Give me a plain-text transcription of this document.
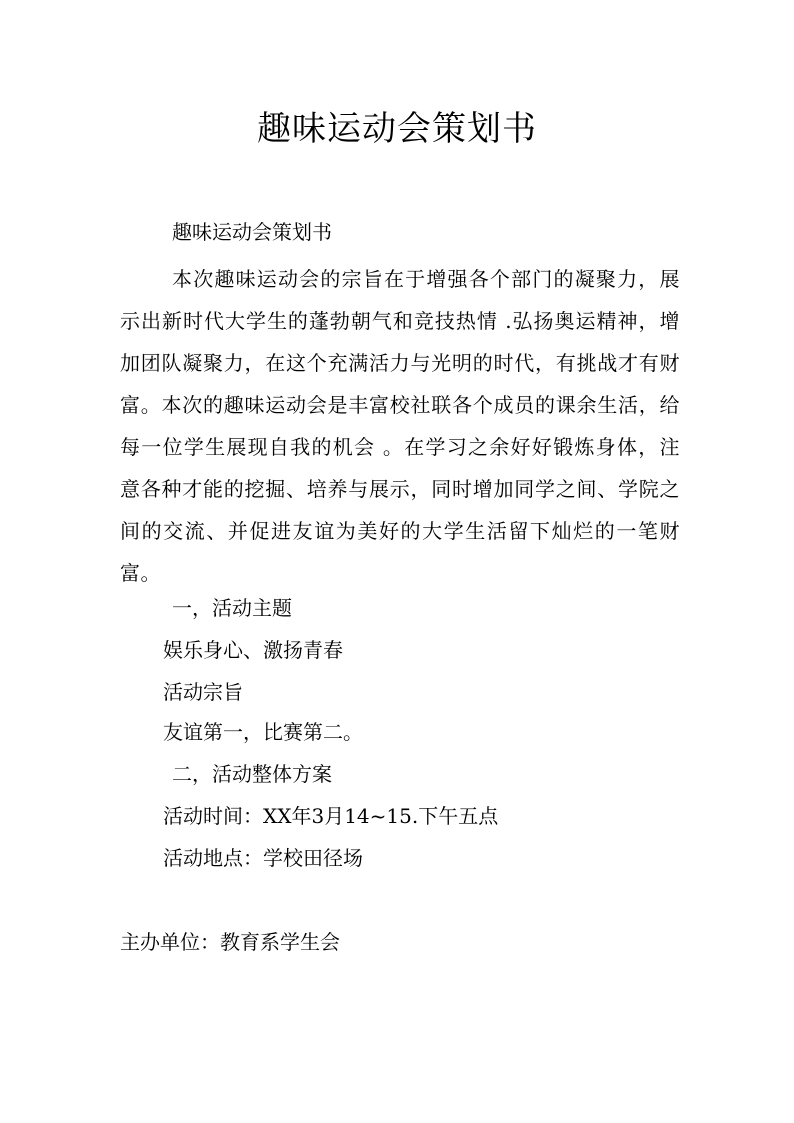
趣味运动会策划书

趣味运动会策划书

本次趣味运动会的宗旨在于增强各个部门的凝聚力，展示出新时代大学生的蓬勃朝气和竞技热情 .弘扬奥运精神，增加团队凝聚力，在这个充满活力与光明的时代，有挑战才有财富。本次的趣味运动会是丰富校社联各个成员的课余生活，给每一位学生展现自我的机会 。在学习之余好好锻炼身体，注意各种才能的挖掘、培养与展示，同时增加同学之间、学院之间的交流、并促进友谊为美好的大学生活留下灿烂的一笔财富。

一，活动主题

娱乐身心、激扬青春

活动宗旨

友谊第一，比赛第二。

二，活动整体方案

活动时间：XX年3月14~15.下午五点

活动地点：学校田径场

主办单位：教育系学生会
